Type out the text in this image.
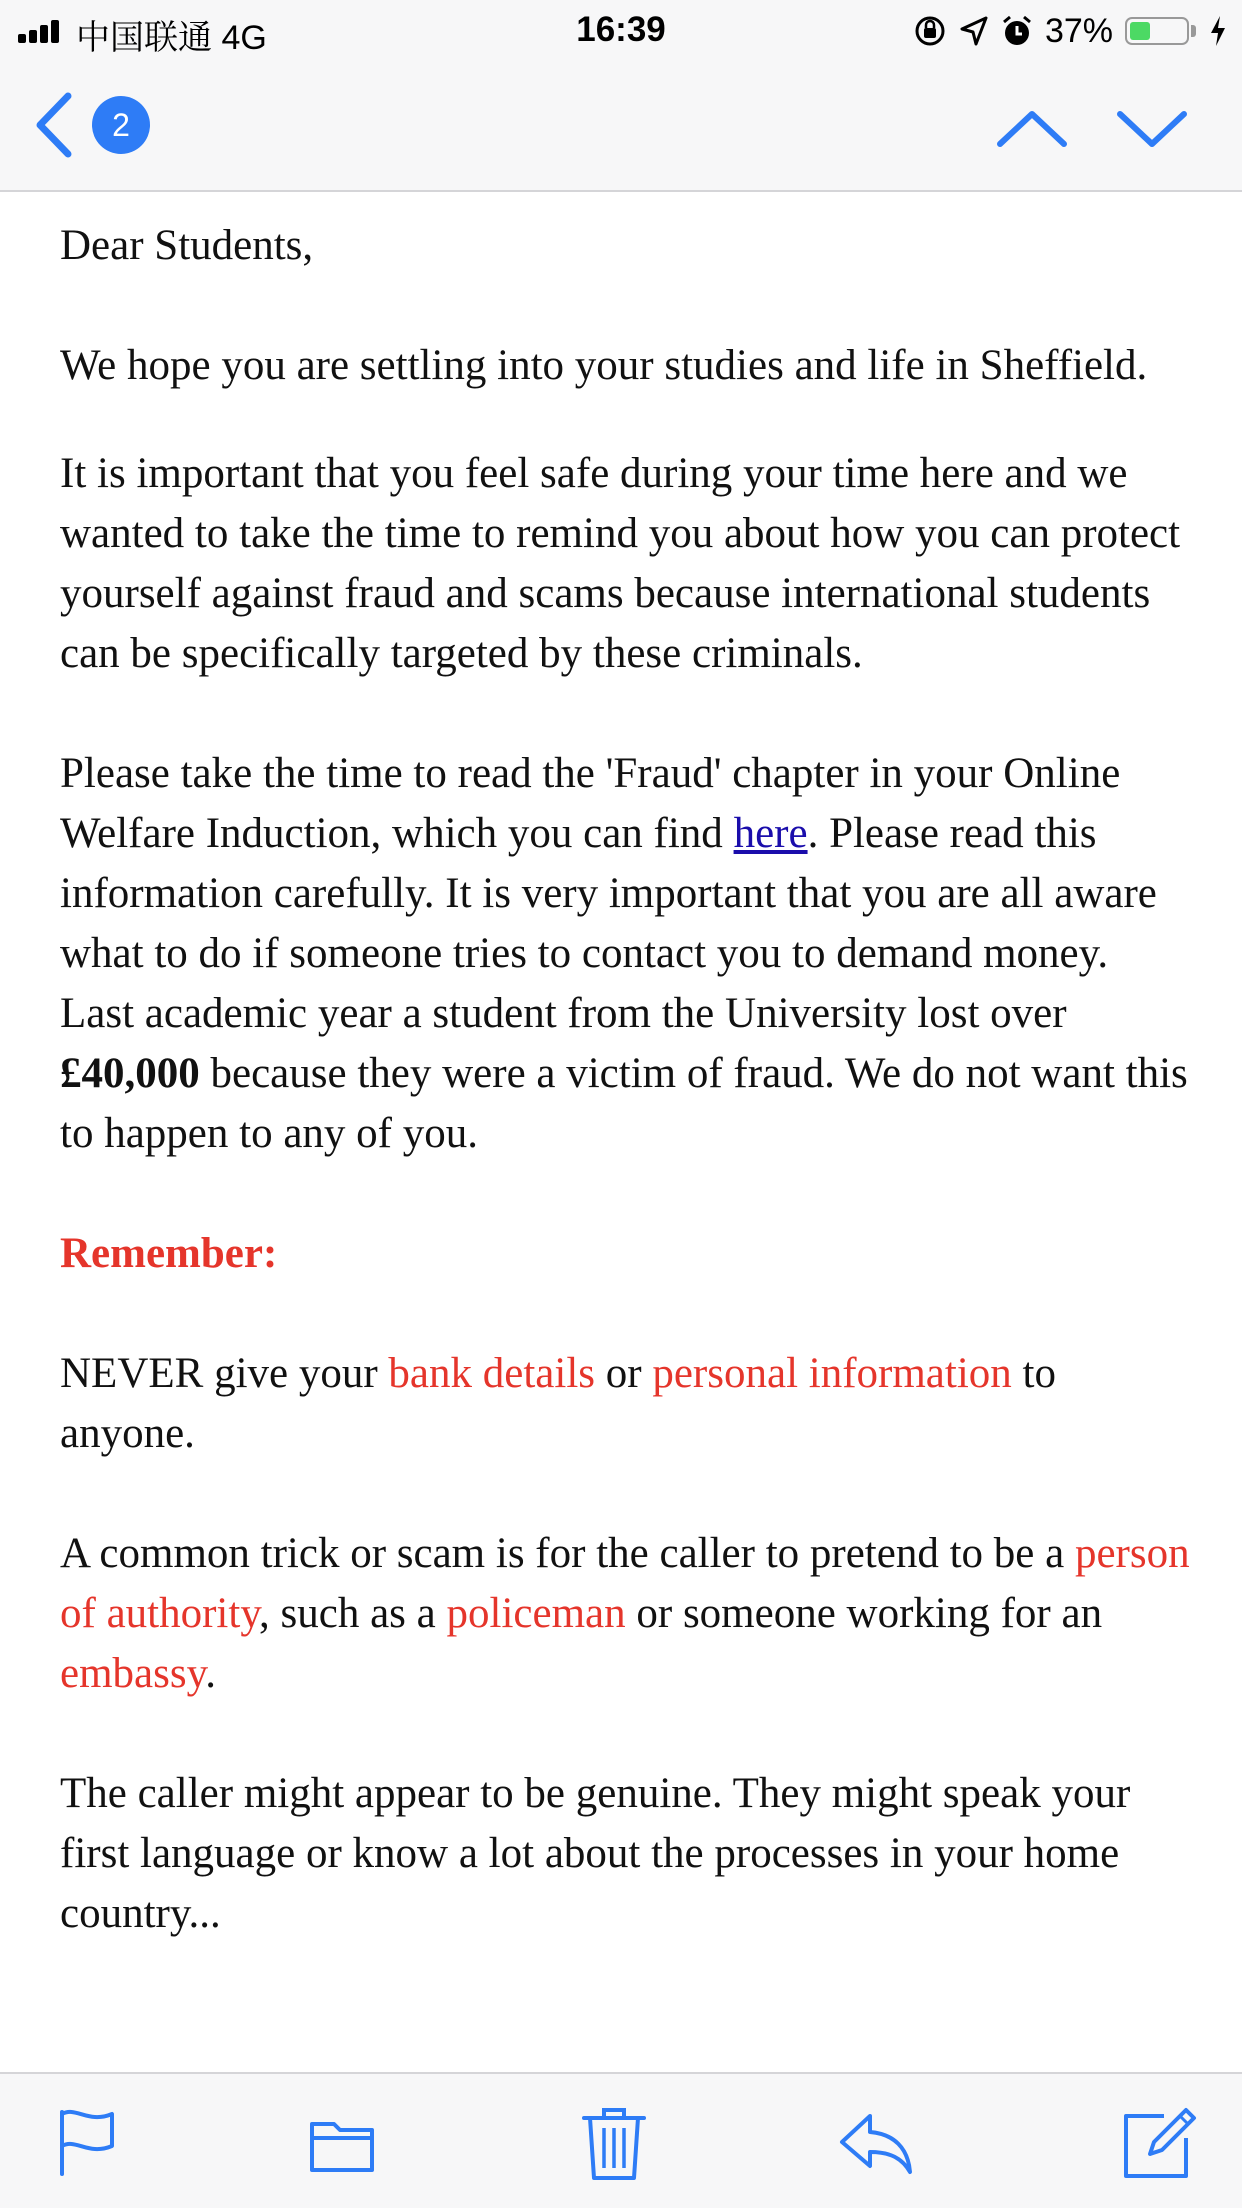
中国联通 4G	16:39	37%
2

Dear Students,

We hope you are settling into your studies and life in Sheffield.

It is important that you feel safe during your time here and we wanted to take the time to remind you about how you can protect yourself against fraud and scams because international students can be specifically targeted by these criminals.

Please take the time to read the 'Fraud' chapter in your Online Welfare Induction, which you can find here. Please read this information carefully. It is very important that you are all aware what to do if someone tries to contact you to demand money. Last academic year a student from the University lost over £40,000 because they were a victim of fraud. We do not want this to happen to any of you.

Remember:

NEVER give your bank details or personal information to anyone.

A common trick or scam is for the caller to pretend to be a person of authority, such as a policeman or someone working for an embassy.

The caller might appear to be genuine. They might speak your first language or know a lot about the processes in your home country...
